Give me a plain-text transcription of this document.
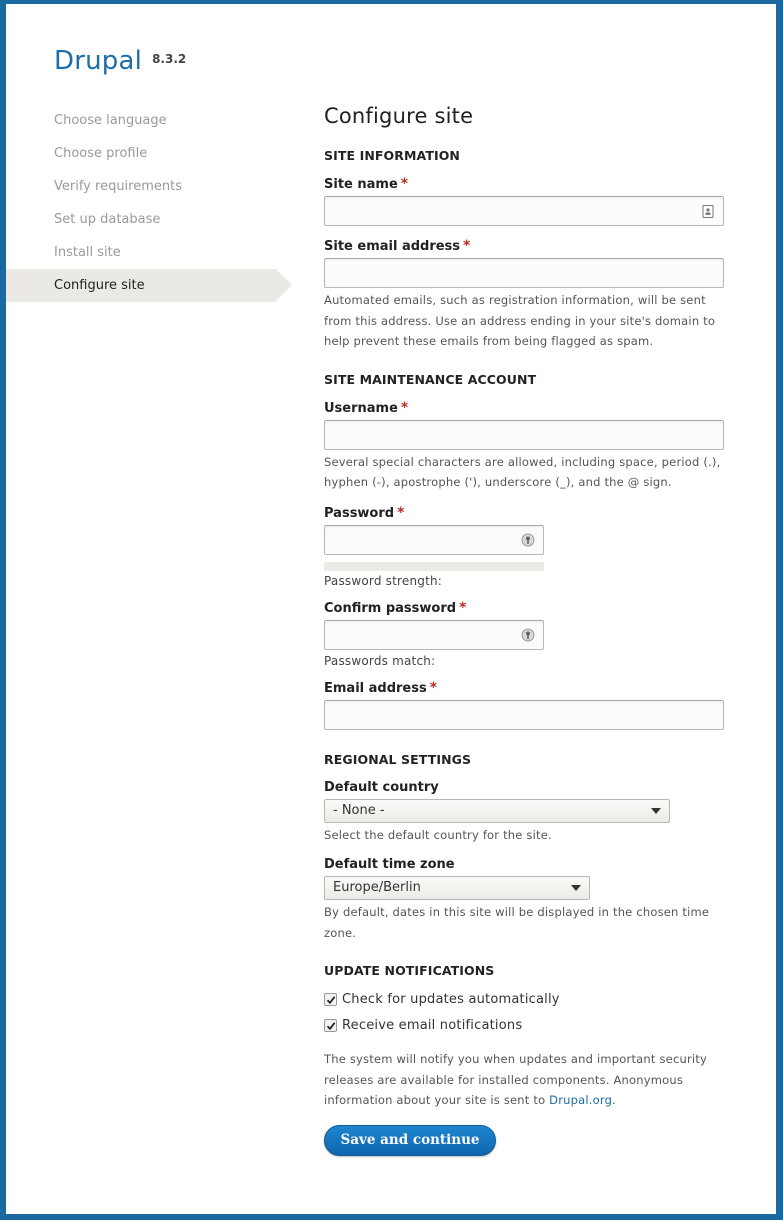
Drupal 8.3.2
Choose language
Choose profile
Verify requirements
Set up database
Install site
Configure site
Configure site
SITE INFORMATION
Site name *
Site email address *
Automated emails, such as registration information, will be sent from this address. Use an address ending in your site's domain to help prevent these emails from being flagged as spam.
SITE MAINTENANCE ACCOUNT
Username *
Several special characters are allowed, including space, period (.), hyphen (-), apostrophe ('), underscore (_), and the @ sign.
Password *
Password strength:
Confirm password *
Passwords match:
Email address *
REGIONAL SETTINGS
Default country
- None -
Select the default country for the site.
Default time zone
Europe/Berlin
By default, dates in this site will be displayed in the chosen time zone.
UPDATE NOTIFICATIONS
Check for updates automatically
Receive email notifications
The system will notify you when updates and important security releases are available for installed components. Anonymous information about your site is sent to Drupal.org.
Save and continue
